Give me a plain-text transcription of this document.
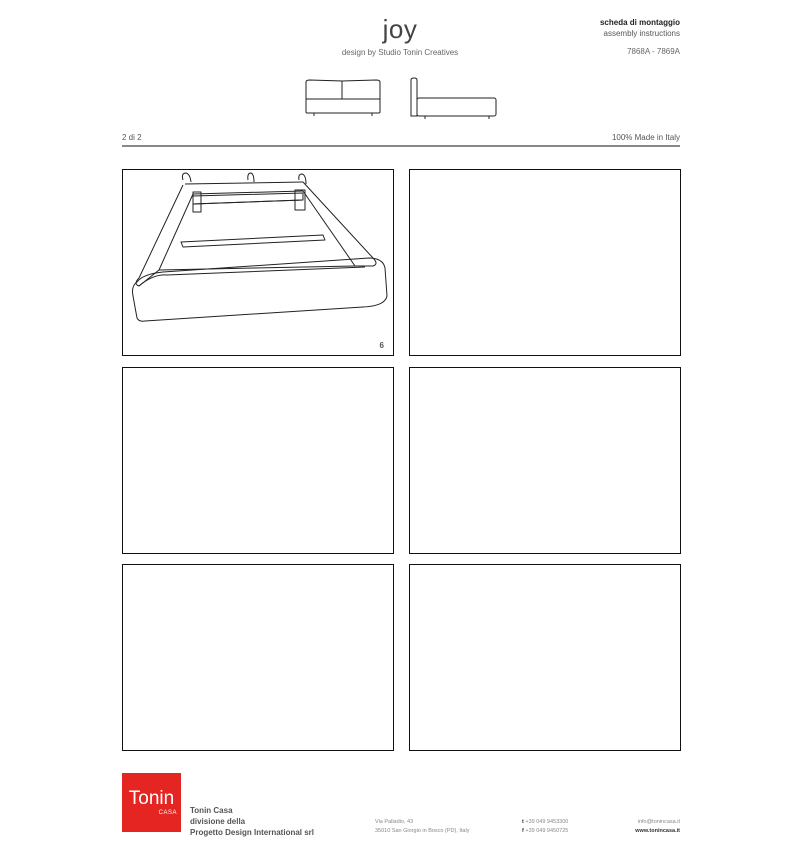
joy
design by Studio Tonin Creatives
scheda di montaggio
assembly instructions
7868A - 7869A
2 di 2	100% Made in Italy
6
Tonin
CASA Tonin Casa
divisione della
Progetto Design International srl
Via Palladio, 43
35010 San Giorgio in Bosco (PD), Italy
t +39 049 9453300
f +39 049 9450725
info@tonincasa.it
www.tonincasa.it
